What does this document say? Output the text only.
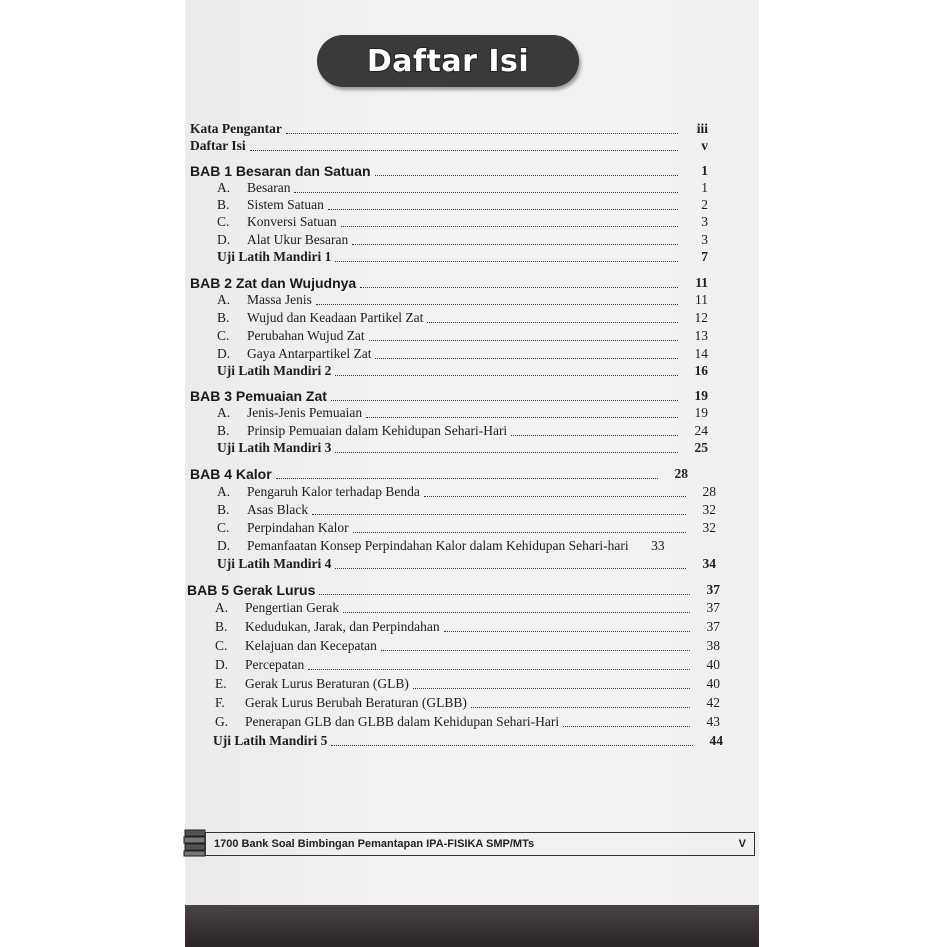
Daftar Isi
Kata Pengantar	iii
Daftar Isi	v
BAB 1 Besaran dan Satuan	1
A. Besaran	1
B. Sistem Satuan	2
C. Konversi Satuan	3
D. Alat Ukur Besaran	3
Uji Latih Mandiri 1	7
BAB 2 Zat dan Wujudnya	11
A. Massa Jenis	11
B. Wujud dan Keadaan Partikel Zat	12
C. Perubahan Wujud Zat	13
D. Gaya Antarpartikel Zat	14
Uji Latih Mandiri 2	16
BAB 3 Pemuaian Zat	19
A. Jenis-Jenis Pemuaian	19
B. Prinsip Pemuaian dalam Kehidupan Sehari-Hari	24
Uji Latih Mandiri 3	25
BAB 4 Kalor	28
A. Pengaruh Kalor terhadap Benda	28
B. Asas Black	32
C. Perpindahan Kalor	32
D. Pemanfaatan Konsep Perpindahan Kalor dalam Kehidupan Sehari-hari	33
Uji Latih Mandiri 4	34
BAB 5 Gerak Lurus	37
A. Pengertian Gerak	37
B. Kedudukan, Jarak, dan Perpindahan	37
C. Kelajuan dan Kecepatan	38
D. Percepatan	40
E. Gerak Lurus Beraturan (GLB)	40
F. Gerak Lurus Berubah Beraturan (GLBB)	42
G. Penerapan GLB dan GLBB dalam Kehidupan Sehari-Hari	43
Uji Latih Mandiri 5	44
1700 Bank Soal Bimbingan Pemantapan IPA-FISIKA SMP/MTs	V
